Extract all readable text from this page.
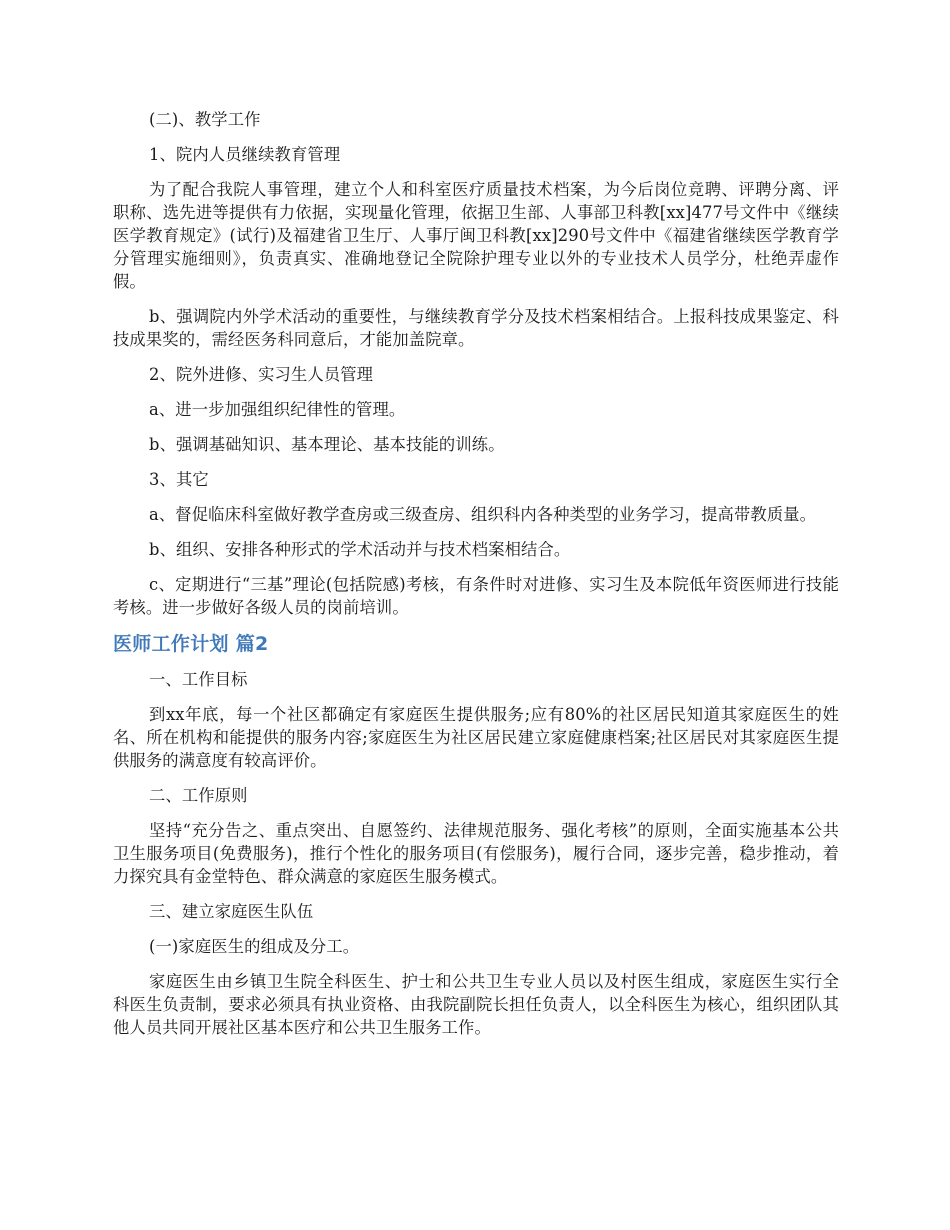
(二)、教学工作

1、院内人员继续教育管理

为了配合我院人事管理，建立个人和科室医疗质量技术档案，为今后岗位竞聘、评聘分离、评职称、选先进等提供有力依据，实现量化管理，依据卫生部、人事部卫科教[xx]477号文件中《继续医学教育规定》(试行)及福建省卫生厅、人事厅闽卫科教[xx]290号文件中《福建省继续医学教育学分管理实施细则》，负责真实、准确地登记全院除护理专业以外的专业技术人员学分，杜绝弄虚作假。

b、强调院内外学术活动的重要性，与继续教育学分及技术档案相结合。上报科技成果鉴定、科技成果奖的，需经医务科同意后，才能加盖院章。

2、院外进修、实习生人员管理

a、进一步加强组织纪律性的管理。

b、强调基础知识、基本理论、基本技能的训练。

3、其它

a、督促临床科室做好教学查房或三级查房、组织科内各种类型的业务学习，提高带教质量。

b、组织、安排各种形式的学术活动并与技术档案相结合。

c、定期进行“三基”理论(包括院感)考核，有条件时对进修、实习生及本院低年资医师进行技能考核。进一步做好各级人员的岗前培训。

医师工作计划 篇2

一、工作目标

到xx年底，每一个社区都确定有家庭医生提供服务;应有80%的社区居民知道其家庭医生的姓名、所在机构和能提供的服务内容;家庭医生为社区居民建立家庭健康档案;社区居民对其家庭医生提供服务的满意度有较高评价。

二、工作原则

坚持“充分告之、重点突出、自愿签约、法律规范服务、强化考核”的原则，全面实施基本公共卫生服务项目(免费服务)，推行个性化的服务项目(有偿服务)，履行合同，逐步完善，稳步推动，着力探究具有金堂特色、群众满意的家庭医生服务模式。

三、建立家庭医生队伍

(一)家庭医生的组成及分工。

家庭医生由乡镇卫生院全科医生、护士和公共卫生专业人员以及村医生组成，家庭医生实行全科医生负责制，要求必须具有执业资格、由我院副院长担任负责人，以全科医生为核心，组织团队其他人员共同开展社区基本医疗和公共卫生服务工作。
